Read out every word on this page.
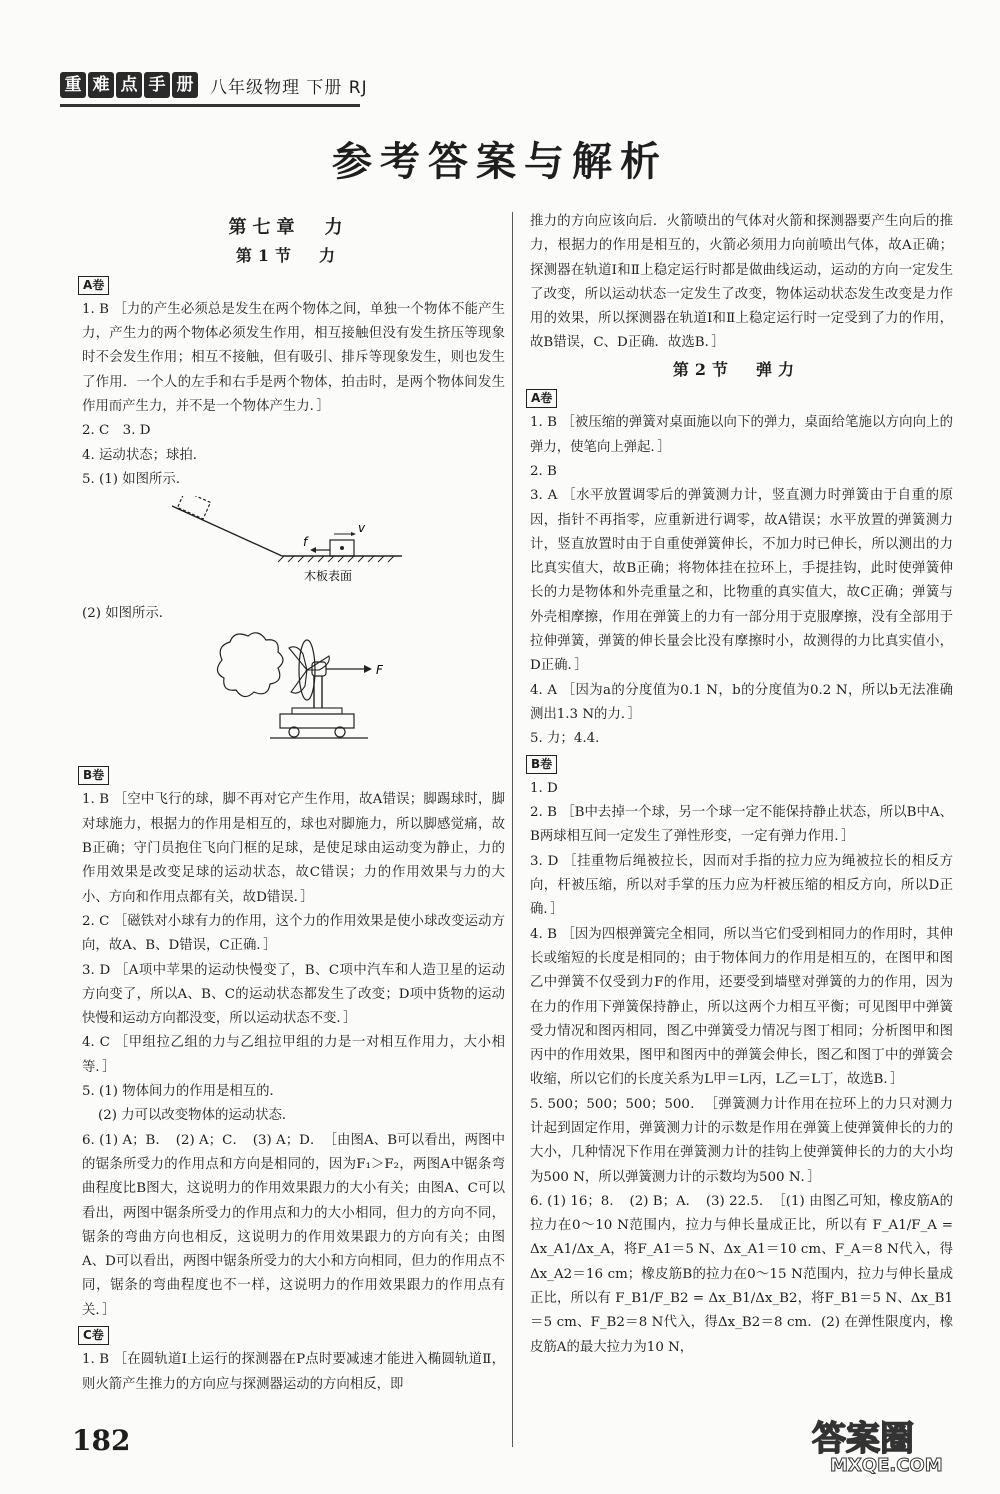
重 难 点 手 册 八年级物理 下册 RJ
参考答案与解析
第七章　力
第1节　力
A卷
1. B ［力的产生必须总是发生在两个物体之间，单独一个物体不能产生力，产生力的两个物体必须发生作用，相互接触但没有发生挤压等现象时不会发生作用；相互不接触，但有吸引、排斥等现象发生，则也发生了作用．一个人的左手和右手是两个物体，拍击时，是两个物体间发生作用而产生力，并不是一个物体产生力．］
2. C　3. D
4. 运动状态；球拍．
5. (1) 如图所示．
f
v
木板表面
(2) 如图所示．
F
B卷
1. B ［空中飞行的球，脚不再对它产生作用，故A错误；脚踢球时，脚对球施力，根据力的作用是相互的，球也对脚施力，所以脚感觉痛，故B正确；守门员抱住飞向门框的足球，是使足球由运动变为静止，力的作用效果是改变足球的运动状态，故C错误；力的作用效果与力的大小、方向和作用点都有关，故D错误．］
2. C ［磁铁对小球有力的作用，这个力的作用效果是使小球改变运动方向，故A、B、D错误，C正确．］
3. D ［A项中苹果的运动快慢变了，B、C项中汽车和人造卫星的运动方向变了，所以A、B、C的运动状态都发生了改变；D项中货物的运动快慢和运动方向都没变，所以运动状态不变．］
4. C ［甲组拉乙组的力与乙组拉甲组的力是一对相互作用力，大小相等．］
5. (1) 物体间力的作用是相互的．
(2) 力可以改变物体的运动状态．
6. (1) A；B．　(2) A；C．　(3) A；D．　［由图A、B可以看出，两图中的锯条所受力的作用点和方向是相同的，因为F₁＞F₂，两图A中锯条弯曲程度比B图大，这说明力的作用效果跟力的大小有关；由图A、C可以看出，两图中锯条所受力的作用点和力的大小相同，但力的方向不同，锯条的弯曲方向也相反，这说明力的作用效果跟力的方向有关；由图A、D可以看出，两图中锯条所受力的大小和方向相同，但力的作用点不同，锯条的弯曲程度也不一样，这说明力的作用效果跟力的作用点有关．］
C卷
1. B ［在圆轨道Ⅰ上运行的探测器在P点时要减速才能进入椭圆轨道Ⅱ，则火箭产生推力的方向应与探测器运动的方向相反，即
推力的方向应该向后．火箭喷出的气体对火箭和探测器要产生向后的推力，根据力的作用是相互的，火箭必须用力向前喷出气体，故A正确；探测器在轨道Ⅰ和Ⅱ上稳定运行时都是做曲线运动，运动的方向一定发生了改变，所以运动状态一定发生了改变，物体运动状态发生改变是力作用的效果，所以探测器在轨道Ⅰ和Ⅱ上稳定运行时一定受到了力的作用，故B错误，C、D正确．故选B．］
第2节　弹力
A卷
1. B ［被压缩的弹簧对桌面施以向下的弹力，桌面给笔施以方向向上的弹力，使笔向上弹起．］
2. B
3. A ［水平放置调零后的弹簧测力计，竖直测力时弹簧由于自重的原因，指针不再指零，应重新进行调零，故A错误；水平放置的弹簧测力计，竖直放置时由于自重使弹簧伸长，不加力时已伸长，所以测出的力比真实值大，故B正确；将物体挂在拉环上，手提挂钩，此时使弹簧伸长的力是物体和外壳重量之和，比物重的真实值大，故C正确；弹簧与外壳相摩擦，作用在弹簧上的力有一部分用于克服摩擦，没有全部用于拉伸弹簧，弹簧的伸长量会比没有摩擦时小，故测得的力比真实值小，D正确．］
4. A ［因为a的分度值为0.1 N，b的分度值为0.2 N，所以b无法准确测出1.3 N的力．］
5. 力；4.4．
B卷
1. D
2. B ［B中去掉一个球，另一个球一定不能保持静止状态，所以B中A、B两球相互间一定发生了弹性形变，一定有弹力作用．］
3. D ［挂重物后绳被拉长，因而对手指的拉力应为绳被拉长的相反方向，杆被压缩，所以对手掌的压力应为杆被压缩的相反方向，所以D正确．］
4. B ［因为四根弹簧完全相同，所以当它们受到相同力的作用时，其伸长或缩短的长度是相同的；由于物体间力的作用是相互的，在图甲和图乙中弹簧不仅受到力F的作用，还要受到墙壁对弹簧的力的作用，因为在力的作用下弹簧保持静止，所以这两个力相互平衡；可见图甲中弹簧受力情况和图丙相同，图乙中弹簧受力情况与图丁相同；分析图甲和图丙中的作用效果，图甲和图丙中的弹簧会伸长，图乙和图丁中的弹簧会收缩，所以它们的长度关系为L甲＝L丙，L乙＝L丁，故选B．］
5. 500；500；500；500．　［弹簧测力计作用在拉环上的力只对测力计起到固定作用，弹簧测力计的示数是作用在弹簧上使弹簧伸长的力的大小，几种情况下作用在弹簧测力计的挂钩上使弹簧伸长的力的大小均为500 N，所以弹簧测力计的示数均为500 N．］
6. (1) 16；8．　(2) B；A．　(3) 22.5．　［(1) 由图乙可知，橡皮筋A的拉力在0～10 N范围内，拉力与伸长量成正比，所以有 F_A1/F_A = Δx_A1/Δx_A，将F_A1＝5 N、Δx_A1＝10 cm、F_A＝8 N代入，得Δx_A2＝16 cm；橡皮筋B的拉力在0～15 N范围内，拉力与伸长量成正比，所以有 F_B1/F_B2 = Δx_B1/Δx_B2，将F_B1＝5 N、Δx_B1＝5 cm、F_B2＝8 N代入，得Δx_B2＝8 cm．(2) 在弹性限度内，橡皮筋A的最大拉力为10 N，
182	答案圈
MXQE.COM
